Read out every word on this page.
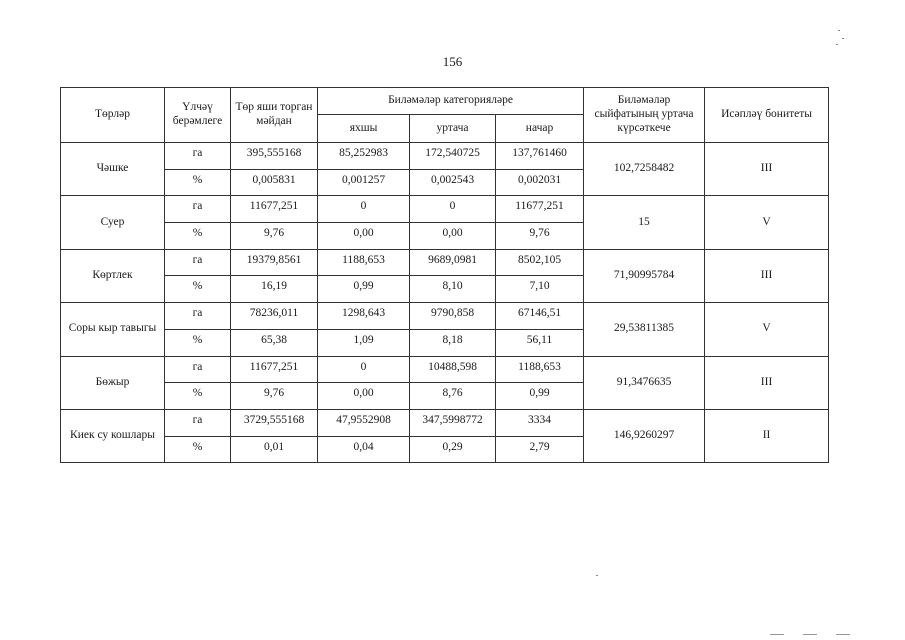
156
Төрләр	Үлчәү берәмлеге	Төр яши торган мәйдан	Биләмәләр категорияләре			Биләмәләр сыйфатының уртача күрсәткече	Исәпләү бонитеты
			яхшы	уртача	начар		
Чәшке	га	395,555168	85,252983	172,540725	137,761460	102,7258482	III
	%	0,005831	0,001257	0,002543	0,002031		
Суер	га	11677,251	0	0	11677,251	15	V
	%	9,76	0,00	0,00	9,76		
Көртлек	га	19379,8561	1188,653	9689,0981	8502,105	71,90995784	III
	%	16,19	0,99	8,10	7,10		
Соры кыр тавыгы	га	78236,011	1298,643	9790,858	67146,51	29,53811385	V
	%	65,38	1,09	8,18	56,11		
Бөжыр	га	11677,251	0	10488,598	1188,653	91,3476635	III
	%	9,76	0,00	8,76	0,99		
Киек су кошлары	га	3729,555168	47,9552908	347,5998772	3334	146,9260297	II
	%	0,01	0,04	0,29	2,79		
